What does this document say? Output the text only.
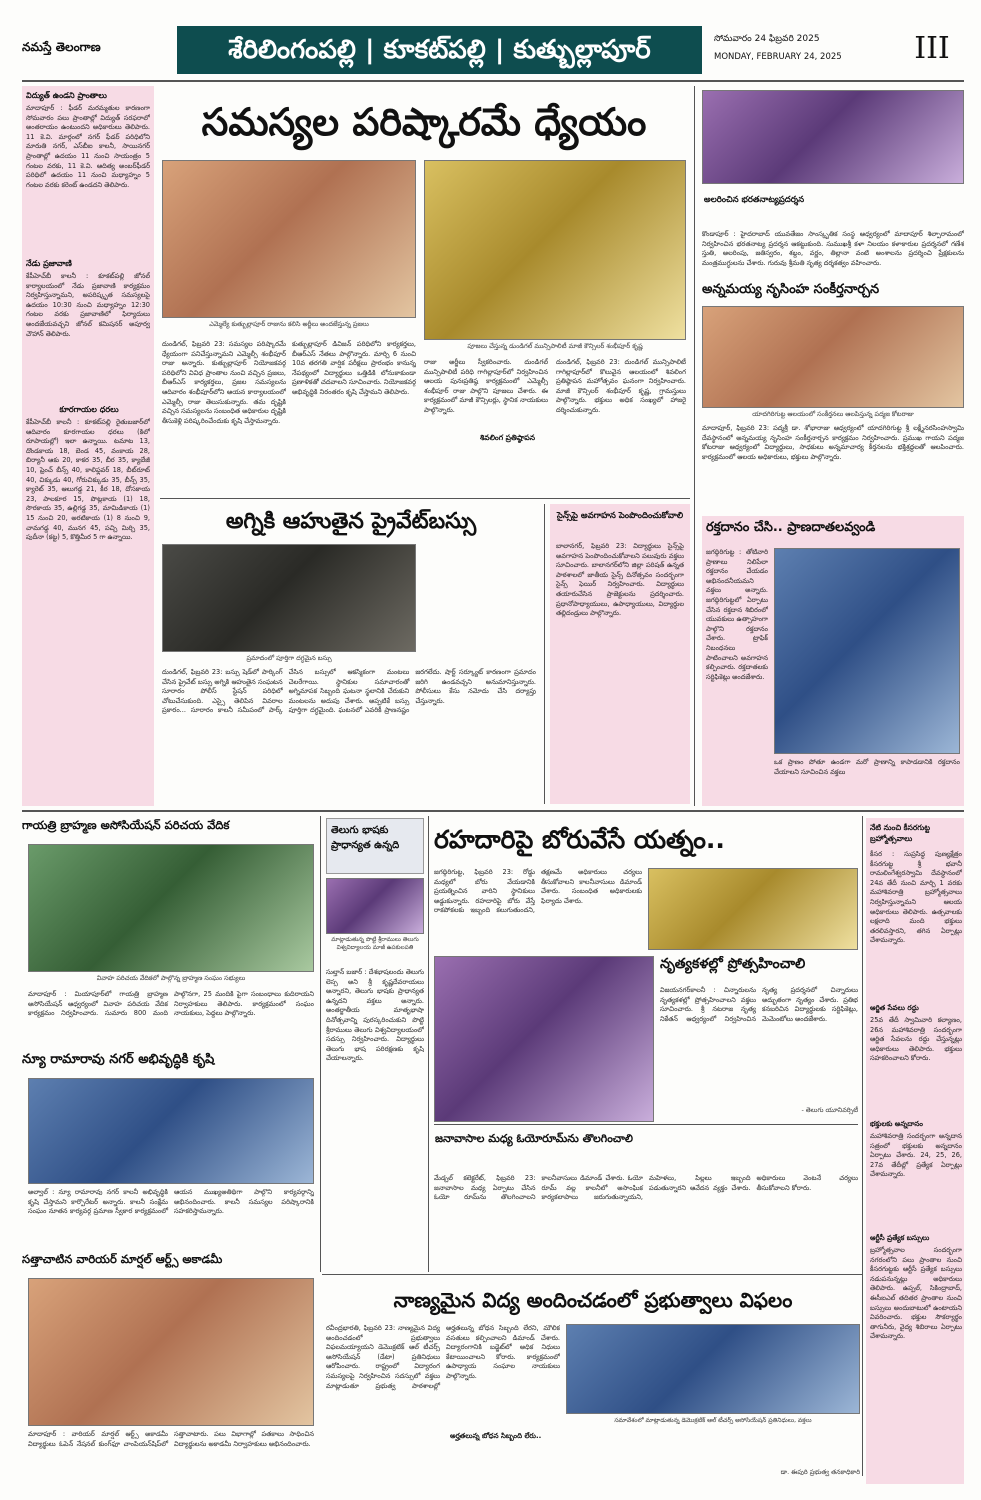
నమస్తే తెలంగాణ	శేరిలింగంపల్లి | కూకట్‌పల్లి | కుత్బుల్లాపూర్	సోమవారం 24 ఫిబ్రవరి 2025
MONDAY, FEBRUARY 24, 2025	III
విద్యుత్ ఉండని ప్రాంతాలు
మాదాపూర్ : ఫీడర్ మరమ్మతుల కారణంగా సోమవారం పలు ప్రాంతాల్లో విద్యుత్ సరఫరాలో అంతరాయం ఉంటుందని అధికారులు తెలిపారు. 11 కె.వి. మార్గంలో నగర్ ఫీడర్ పరిధిలోని మారుతి నగర్, ఎస్‌బీఐ కాలనీ, సాయినగర్ ప్రాంతాల్లో ఉదయం 11 నుంచి సాయంత్రం 5 గంటల వరకు, 11 కె.వి. ఆదిత్య అంబర్‌ఫీడర్ పరిధిలో ఉదయం 11 నుంచి మధ్యాహ్నం 5 గంటల వరకు కరెంట్ ఉండదని తెలిపారు.
నేడు ప్రజావాణి
కేపీహెచ్‌బీ కాలనీ : కూకట్‌పల్లి జోనల్ కార్యాలయంలో నేడు ప్రజావాణి కార్యక్రమం నిర్వహిస్తున్నామని, అపరిష్కృత సమస్యలపై ఉదయం 10:30 నుంచి మధ్యాహ్నం 12:30 గంటల వరకు ప్రజావాణిలో ఫిర్యాదులు అందజేయవచ్చని జోనల్ కమిషనర్ అపూర్వ చౌహాన్ తెలిపారు.
కూరగాయల ధరలు
కేపీహెచ్‌బీ కాలనీ : కూకట్‌పల్లి రైతుబజార్‌లో ఆదివారం కూరగాయల ధరలు (కిలో రూపాయల్లో) ఇలా ఉన్నాయి. టమాట 13, దొండకాయ 18, బెండ 45, వంకాయ 28, బిర్యానీ ఆకు 20, కాకర 35, బీర 35, క్యాబేజీ 10, ఫ్రెంచ్ బీన్స్ 40, కాలిఫ్లవర్ 18, బీట్‌రూట్ 40, చిక్కుడు 40, గోరుచిక్కుడు 35, బీన్స్ 35, క్యారెట్ 35, ఆలుగడ్డ 21, కీర 18, దోసకాయ 23, పాలకూర 15, పొట్లకాయ (1) 18, సొరకాయ 35, ఉల్లిగడ్డ 35, మామిడికాయ (1) 15 నుంచి 20, అరటికాయ (1) 8 నుంచి 9, చామగడ్డ 40, మునగ 45, పచ్చి మిర్చి 35, పుదీనా (కట్ట) 5, కొత్తిమీర 5 గా ఉన్నాయి.
సమస్యల పరిష్కారమే ధ్యేయం
ఎమ్మెల్యే కుత్బుల్లాపూర్ రాజును కలిసి అర్జీలు అందజేస్తున్న ప్రజలు
పూజలు చేస్తున్న డుండిగల్ మున్సిపాలిటీ మాజీ కౌన్సిలర్ శంభీపూర్ కృష్ణ
దుండిగల్, ఫిబ్రవరి 23: సమస్యల పరిష్కారమే ధ్యేయంగా పనిచేస్తున్నామని ఎమ్మెల్సీ శంభీపూర్ రాజు అన్నారు. కుత్బుల్లాపూర్ నియోజకవర్గ పరిధిలోని వివిధ ప్రాంతాల నుంచి వచ్చిన ప్రజలు, బీఆర్‌ఎస్ కార్యకర్తలు, ప్రజల సమస్యలను ఆదివారం శంభీపూర్‌లోని ఆయన కార్యాలయంలో ఎమ్మెల్సీ రాజు తెలుసుకున్నారు. తమ దృష్టికి వచ్చిన సమస్యలను సంబంధిత అధికారుల దృష్టికి తీసుకెళ్లి పరిష్కరించేందుకు కృషి చేస్తామన్నారు.
కుత్బుల్లాపూర్ డివిజన్ పరిధిలోని కార్యకర్తలు, బీఆర్‌ఎస్ నేతలు పాల్గొన్నారు. మార్చి 6 నుంచి 10వ తరగతి వార్షిక పరీక్షలు ప్రారంభం కానున్న నేపథ్యంలో విద్యార్థులు ఒత్తిడికి లోనుకాకుండా ప్రణాళికతో చదవాలని సూచించారు. నియోజకవర్గ అభివృద్ధికి నిరంతరం కృషి చేస్తామని తెలిపారు.
రాజు అర్జీలు స్వీకరించారు. దుండిగల్ మున్సిపాలిటీ పరిధి గాగిల్లాపూర్‌లో నిర్వహించిన ఆలయ పునఃప్రతిష్ఠ కార్యక్రమంలో ఎమ్మెల్సీ శంభీపూర్ రాజు పాల్గొని పూజలు చేశారు. ఈ కార్యక్రమంలో మాజీ కౌన్సిలర్లు, స్థానిక నాయకులు పాల్గొన్నారు.
శివలింగ ప్రతిష్ఠాపన
దుండిగల్, ఫిబ్రవరి 23: దుండిగల్ మున్సిపాలిటీ గాగిల్లాపూర్‌లో కొలువైన ఆలయంలో శివలింగ ప్రతిష్ఠాపన మహోత్సవం ఘనంగా నిర్వహించారు. మాజీ కౌన్సిలర్ శంభీపూర్ కృష్ణ, గ్రామస్తులు పాల్గొన్నారు. భక్తులు అధిక సంఖ్యలో హాజరై దర్శించుకున్నారు.
అలరించిన భరతనాట్యప్రదర్శన
కొండాపూర్ : హైదరాబాద్ యువతేజం సాంస్కృతిక సంస్థ ఆధ్వర్యంలో మాదాపూర్ శిల్పారామంలో నిర్వహించిన భరతనాట్య ప్రదర్శన ఆకట్టుకుంది. సుముఖశ్రీ కళా నిలయం కళాకారుల ప్రదర్శనలో గణేశ స్తుతి, అలరింపు, జతిస్వరం, శబ్దం, వర్ణం, తిల్లానా వంటి అంశాలను ప్రదర్శించి ప్రేక్షకులను మంత్రముగ్ధులను చేశారు. గురువు శ్రీమతి నృత్య దర్శకత్వం వహించారు.
అన్నమయ్య నృసింహ సంకీర్తనార్చన
యాదగిరిగుట్ట ఆలయంలో సంకీర్తనలు ఆలపిస్తున్న పద్మజ కోటరాజు
మాదాపూర్, ఫిబ్రవరి 23: పద్మశ్రీ డా. శోభారాజు ఆధ్వర్యంలో యాదగిరిగుట్ట శ్రీ లక్ష్మీనరసింహస్వామి దేవస్థానంలో అన్నమయ్య నృసింహ సంకీర్తనార్చన కార్యక్రమం నిర్వహించారు. ప్రముఖ గాయని పద్మజ కోటరాజు ఆధ్వర్యంలో విద్యార్థులు, సాధకులు అన్నమాచార్య కీర్తనలను భక్తిశ్రద్ధలతో ఆలపించారు. కార్యక్రమంలో ఆలయ అధికారులు, భక్తులు పాల్గొన్నారు.
అగ్నికి ఆహుతైన ప్రైవేట్‌బస్సు
ప్రమాదంలో పూర్తిగా దగ్ధమైన బస్సు
దుండిగల్, ఫిబ్రవరి 23: బస్సు షెడ్‌లో పార్కింగ్ చేసిన ప్రైవేట్ బస్సు అగ్నికి ఆహుతైన సంఘటన సూరారం పోలీస్ స్టేషన్ పరిధిలో చోటుచేసుకుంది. ఎస్సై తెలిపిన వివరాల ప్రకారం... సూరారం కాలనీ సమీపంలో పార్క్ చేసిన బస్సులో ఆకస్మికంగా మంటలు చెలరేగాయి. స్థానికుల సమాచారంతో అగ్నిమాపక సిబ్బంది ఘటనా స్థలానికి చేరుకుని మంటలను అదుపు చేశారు. అప్పటికే బస్సు పూర్తిగా దగ్ధమైంది. ఘటనలో ఎవరికీ ప్రాణనష్టం జరగలేదు. షార్ట్ సర్క్యూట్ కారణంగా ప్రమాదం జరిగి ఉండవచ్చని అనుమానిస్తున్నారు. పోలీసులు కేసు నమోదు చేసి దర్యాప్తు చేస్తున్నారు.
సైన్స్‌పై అవగాహన పెంపొందించుకోవాలి
బాలానగర్, ఫిబ్రవరి 23: విద్యార్థులు సైన్స్‌పై అవగాహన పెంపొందించుకోవాలని పలువురు వక్తలు సూచించారు. బాలానగర్‌లోని జిల్లా పరిషత్ ఉన్నత పాఠశాలలో జాతీయ సైన్స్ దినోత్సవం సందర్భంగా సైన్స్ ఫెయిర్ నిర్వహించారు. విద్యార్థులు తయారుచేసిన ప్రాజెక్టులను ప్రదర్శించారు. ప్రధానోపాధ్యాయులు, ఉపాధ్యాయులు, విద్యార్థుల తల్లిదండ్రులు పాల్గొన్నారు.
రక్తదానం చేసి.. ప్రాణదాతలవ్వండి
జగద్గిరిగుట్ట : తోటివారి ప్రాణాలు నిలిపేలా రక్తదానం చేయడం అభినందనీయమని వక్తలు అన్నారు. జగద్గిరిగుట్టలో ఏర్పాటు చేసిన రక్తదాన శిబిరంలో యువకులు ఉత్సాహంగా పాల్గొని రక్తదానం చేశారు. ట్రాఫిక్ నిబంధనలు పాటించాలని అవగాహన కల్పించారు. రక్తదాతలకు సర్టిఫికెట్లు అందజేశారు.
ఒక ప్రాణం పోతూ ఉండగా మరో ప్రాణాన్ని కాపాడడానికి రక్తదానం చేయాలని సూచించిన వక్తలు
గాయత్రి బ్రాహ్మణ అసోసియేషన్ పరిచయ వేదిక
వివాహ పరిచయ వేదికలో పాల్గొన్న బ్రాహ్మణ సంఘం సభ్యులు
మాదాపూర్ : మియాపూర్‌లో గాయత్రి బ్రాహ్మణ అసోసియేషన్ ఆధ్వర్యంలో వివాహ పరిచయ వేదిక కార్యక్రమం నిర్వహించారు. సుమారు 800 మంది పాల్గొనగా, 25 మందికి పైగా సంబంధాలు కుదిరాయని నిర్వాహకులు తెలిపారు. కార్యక్రమంలో సంఘం నాయకులు, పెద్దలు పాల్గొన్నారు.
న్యూ రామారావు నగర్ అభివృద్ధికి కృషి
అల్వాల్ : న్యూ రామారావు నగర్ కాలనీ అభివృద్ధికి కృషి చేస్తామని కార్పొరేటర్ అన్నారు. కాలనీ సంక్షేమ సంఘం నూతన కార్యవర్గ ప్రమాణ స్వీకార కార్యక్రమంలో ఆయన ముఖ్యఅతిథిగా పాల్గొని కార్యవర్గాన్ని అభినందించారు. కాలనీ సమస్యల పరిష్కారానికి సహకరిస్తామన్నారు.
సత్తాచాటిన వారియర్ మార్షల్ ఆర్ట్స్ అకాడమీ
మాదాపూర్ : వారియర్ మార్షల్ ఆర్ట్స్ అకాడమీ విద్యార్థులు ఓపెన్ నేషనల్ కుంగ్‌ఫూ చాంపియన్‌షిప్‌లో సత్తాచాటారు. పలు విభాగాల్లో పతకాలు సాధించిన విద్యార్థులను అకాడమీ నిర్వాహకులు అభినందించారు.
తెలుగు భాషకు ప్రాధాన్యత ఉన్నది
మాట్లాడుతున్న పొట్టి శ్రీరాములు తెలుగు విశ్వవిద్యాలయ మాజీ ఉపకులపతి
సుల్తాన్ బజార్ : దేశభాషలందు తెలుగు లెస్స అని శ్రీ కృష్ణదేవరాయలు అన్నారని, తెలుగు భాషకు ప్రాధాన్యత ఉన్నదని వక్తలు అన్నారు. అంతర్జాతీయ మాతృభాషా దినోత్సవాన్ని పురస్కరించుకుని పొట్టి శ్రీరాములు తెలుగు విశ్వవిద్యాలయంలో సదస్సు నిర్వహించారు. విద్యార్థులు తెలుగు భాష పరిరక్షణకు కృషి చేయాలన్నారు.
రహదారిపై బోరువేసే యత్నం..
జగద్గిరిగుట్ట, ఫిబ్రవరి 23: రోడ్డు మధ్యలో బోరు వేయడానికి ప్రయత్నించిన వారిని స్థానికులు అడ్డుకున్నారు. రహదారిపై బోరు వేస్తే రాకపోకలకు ఇబ్బంది కలుగుతుందని, తక్షణమే అధికారులు చర్యలు తీసుకోవాలని కాలనీవాసులు డిమాండ్ చేశారు. సంబంధిత అధికారులకు ఫిర్యాదు చేశారు.
నృత్యకళల్లో ప్రోత్సహించాలి
విజయనగర్‌కాలనీ : చిన్నారులను నృత్యకళల్లో ప్రోత్సహించాలని వక్తలు సూచించారు. శ్రీ నటరాజ నృత్య నికేతన్ ఆధ్వర్యంలో నిర్వహించిన నృత్య ప్రదర్శనలో చిన్నారులు అద్భుతంగా నృత్యం చేశారు. ప్రతిభ కనబరిచిన విద్యార్థులకు సర్టిఫికెట్లు, మెమెంటోలు అందజేశారు.
- తెలుగు యూనివర్సిటీ
జనావాసాల మధ్య ఓయోరూమ్‌ను తొలగించాలి
మేడ్చల్ కలెక్టరేట్, ఫిబ్రవరి 23: జనావాసాల మధ్య ఏర్పాటు చేసిన ఓయో రూమ్‌ను తొలగించాలని కాలనీవాసులు డిమాండ్ చేశారు. ఓయో రూమ్ వల్ల కాలనీలో అసాంఘిక కార్యకలాపాలు జరుగుతున్నాయని, మహిళలు, పిల్లలు ఇబ్బంది పడుతున్నారని ఆవేదన వ్యక్తం చేశారు. అధికారులు వెంటనే చర్యలు తీసుకోవాలని కోరారు.
నేటి నుంచి కీసరగుట్ట బ్రహ్మోత్సవాలు
కీసర : సుప్రసిద్ధ పుణ్యక్షేత్రం కీసరగుట్ట శ్రీ భవానీ రామలింగేశ్వరస్వామి దేవస్థానంలో 24వ తేదీ నుంచి మార్చి 1 వరకు మహాశివరాత్రి బ్రహ్మోత్సవాలు నిర్వహిస్తున్నామని ఆలయ అధికారులు తెలిపారు. ఉత్సవాలకు లక్షలాది మంది భక్తులు తరలివస్తారని, తగిన ఏర్పాట్లు చేశామన్నారు.
ఆర్జిత సేవలు రద్దు
25వ తేదీ స్వామివారి కల్యాణం, 26న మహాశివరాత్రి సందర్భంగా ఆర్జిత సేవలను రద్దు చేస్తున్నట్లు అధికారులు తెలిపారు. భక్తులు సహకరించాలని కోరారు.
భక్తులకు అన్నదానం
మహాశివరాత్రి సందర్భంగా అన్నదాన సత్రంలో భక్తులకు అన్నదానం ఏర్పాటు చేశారు. 24, 25, 26, 27వ తేదీల్లో ప్రత్యేక ఏర్పాట్లు చేశామన్నారు.
ఆర్టీసీ ప్రత్యేక బస్సులు
బ్రహ్మోత్సవాల సందర్భంగా నగరంలోని పలు ప్రాంతాల నుంచి కీసరగుట్టకు ఆర్టీసీ ప్రత్యేక బస్సులు నడుపనున్నట్లు అధికారులు తెలిపారు. ఉప్పల్, సికింద్రాబాద్, ఈసీఐఎల్ తదితర ప్రాంతాల నుంచి బస్సులు అందుబాటులో ఉంటాయని వివరించారు. భక్తుల సౌకర్యార్థం తాగునీరు, వైద్య శిబిరాలు ఏర్పాటు చేశామన్నారు.
నాణ్యమైన విద్య అందించడంలో ప్రభుత్వాలు విఫలం
రవీంద్రభారతి, ఫిబ్రవరి 23: నాణ్యమైన విద్య అందించడంలో ప్రభుత్వాలు విఫలమయ్యాయని డెమొక్రటిక్ ఆల్ టీచర్స్ అసోసియేషన్ (డేటా) ప్రతినిధులు ఆరోపించారు. రాష్ట్రంలో విద్యారంగ సమస్యలపై నిర్వహించిన సదస్సులో వక్తలు మాట్లాడుతూ ప్రభుత్వ పాఠశాలల్లో అర్హతలున్న బోధన సిబ్బంది లేరని, మౌలిక వసతులు కల్పించాలని డిమాండ్ చేశారు. విద్యారంగానికి బడ్జెట్‌లో అధిక నిధులు కేటాయించాలని కోరారు. కార్యక్రమంలో ఉపాధ్యాయ సంఘాల నాయకులు పాల్గొన్నారు.
సమావేశంలో మాట్లాడుతున్న డెమొక్రటిక్ ఆల్ టీచర్స్ అసోసియేషన్ ప్రతినిధులు, వక్తలు
అర్హతలున్న బోధన సిబ్బంది లేరు..
డా. ఈపురి ప్రభుత్వ తనకాధికారి
